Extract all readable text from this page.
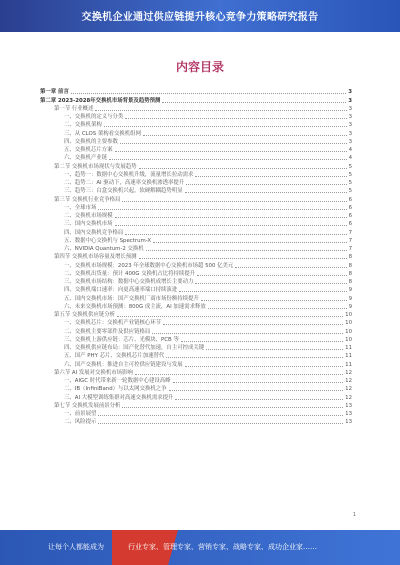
交换机企业通过供应链提升核心竞争力策略研究报告
内容目录
第一章 前言	3
第二章 2023-2028年交换机市场背景及趋势预测	3
第一节 行业概述	3
一、交换机的定义与分类	3
二、交换机架构	3
三、从 CLOS 架构看交换机组网	3
四、交换机的主要参数	3
五、交换机芯片方案	4
六、交换机产业链	4
第二节 交换机市场现状与发展趋势	5
一、趋势一：数据中心交换机升级，流量增长拉动需求	5
二、趋势二：AI 驱动下，高速率交换机渗透率提升	5
三、趋势三：白盒交换机兴起，软硬解耦趋势明显	5
第三节 交换机行业竞争格局	6
一、全球市场	6
二、交换机市场规模	6
三、国内交换机市场	6
四、国内交换机竞争格局	7
五、数据中心交换机与 Spectrum-X	7
六、NVIDIA Quantum-2 交换机	7
第四节 交换机市场容量及增长预测	8
一、交换机市场规模：2023 年全球数据中心交换机市场超 500 亿美元	8
二、交换机出货量：预计 400G 交换机占比将持续提升	8
三、交换机市场结构：数据中心交换机成增长主要动力	8
四、交换机端口速率：向更高速率端口持续演进	9
五、国内交换机市场：国产交换机厂商市场份额持续提升	9
六、未来交换机市场预测：800G 成主流，AI 加速需求释放	9
第五节 交换机供应链分析	10
一、交换机芯片：交换机产业链核心环节	10
二、交换机主要零部件及供应链格局	10
三、交换机上游供应链：芯片、光模块、PCB 等	10
四、交换机供应链布局：国产化替代加速，自主可控成关键	11
五、国产 PHY 芯片、交换机芯片加速替代	11
六、国产交换机：推进自主可控供应链建设与发展	11
第六节 AI 发展对交换机市场影响	12
一、AIGC 时代带来新一轮数据中心建设高峰	12
二、IB（InfiniBand）与以太网交换机之争	12
三、AI 大模型训练集群对高速交换机需求提升	12
第七节 交换机发展前景分析	13
一、前景展望	13
二、风险提示	13
1
让每个人都能成为	行业专家、管理专家、营销专家、战略专家、成功企业家……
